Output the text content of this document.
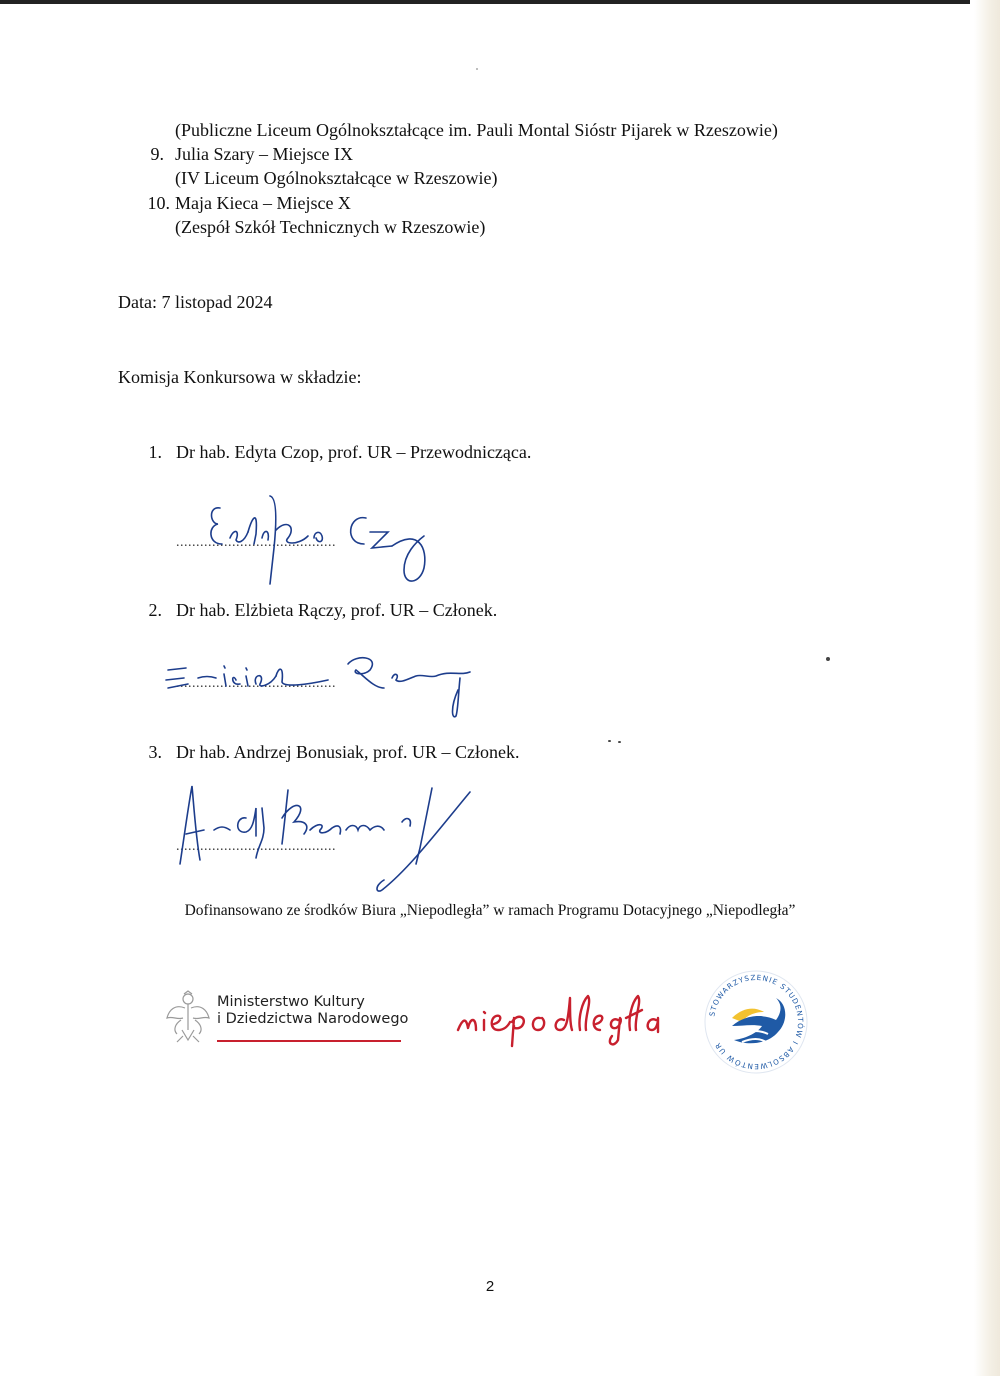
(Publiczne Liceum Ogólnokształcące im. Pauli Montal Sióstr Pijarek w Rzeszowie)
9. Julia Szary – Miejsce IX
(IV Liceum Ogólnokształcące w Rzeszowie)
10. Maja Kieca – Miejsce X
(Zespół Szkół Technicznych w Rzeszowie)
Data: 7 listopad 2024
Komisja Konkursowa w składzie:
1. Dr hab. Edyta Czop, prof. UR – Przewodnicząca.
........................................
2. Dr hab. Elżbieta Rączy, prof. UR – Członek.
........................................
3. Dr hab. Andrzej Bonusiak, prof. UR – Członek.
........................................
Dofinansowano ze środków Biura „Niepodległa” w ramach Programu Dotacyjnego „Niepodległa”
Ministerstwo Kultury
i Dziedzictwa Narodowego	STOWARZYSZENIE STUDENTÓW I ABSOLWENTÓW UR
2
